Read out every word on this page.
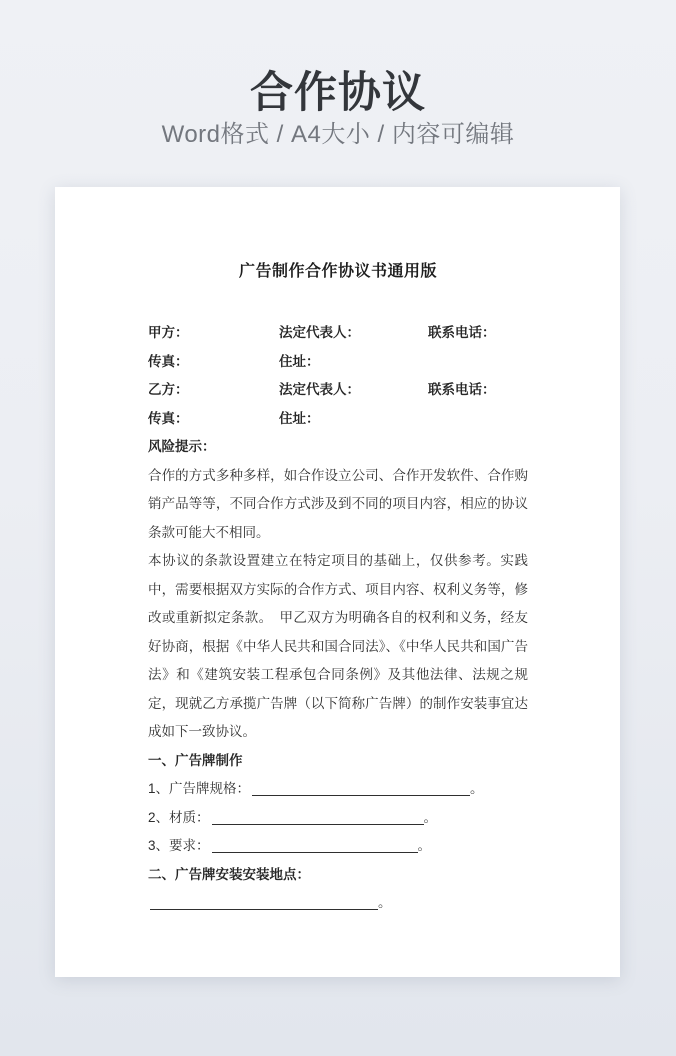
合作协议
Word格式 / A4大小 / 内容可编辑
广告制作合作协议书通用版
甲方：	法定代表人：	联系电话：
传真：	住址：
乙方：	法定代表人：	联系电话：
传真：	住址：
风险提示：

合作的方式多种多样，如合作设立公司、合作开发软件、合作购销产品等等，不同合作方式涉及到不同的项目内容，相应的协议条款可能大不相同。

本协议的条款设置建立在特定项目的基础上，仅供参考。实践中，需要根据双方实际的合作方式、项目内容、权利义务等，修改或重新拟定条款。　甲乙双方为明确各自的权利和义务，经友好协商，根据《中华人民共和国合同法》、《中华人民共和国广告法》和《建筑安装工程承包合同条例》及其他法律、法规之规定，现就乙方承揽广告牌（以下简称广告牌）的制作安装事宜达成如下一致协议。

一、广告牌制作
1、广告牌规格：	。
2、材质：	。
3、要求：	。
二、广告牌安装安装地点：。
